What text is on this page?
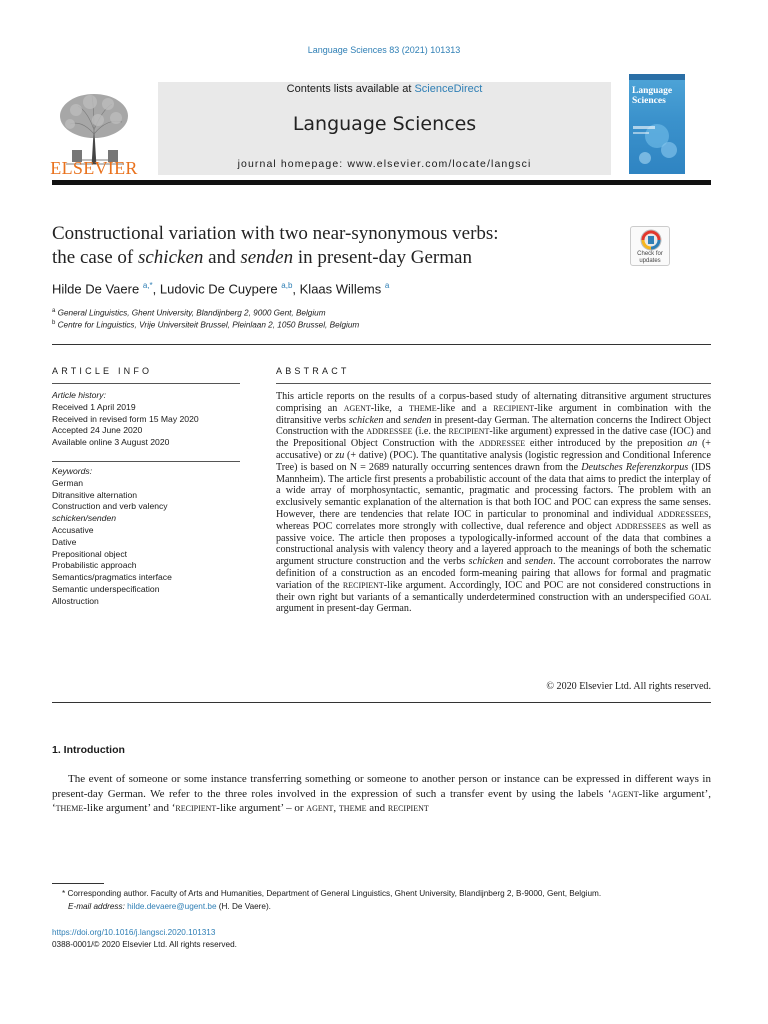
Language Sciences 83 (2021) 101313
Contents lists available at ScienceDirect
Language Sciences
journal homepage: www.elsevier.com/locate/langsci
ELSEVIER
Language
Sciences
Constructional variation with two near-synonymous verbs:
the case of schicken and senden in present-day German	Check for
updates
Hilde De Vaere $^{a,*}$, Ludovic De Cuypere $^{a,b}$, Klaas Willems $^a$
$^a$ General Linguistics, Ghent University, Blandijnberg 2, 9000 Gent, Belgium
$^b$ Centre for Linguistics, Vrije Universiteit Brussel, Pleinlaan 2, 1050 Brussel, Belgium
ARTICLE INFO
Article history:
Received 1 April 2019
Received in revised form 15 May 2020
Accepted 24 June 2020
Available online 3 August 2020
Keywords:
German
Ditransitive alternation
Construction and verb valency
schicken/senden
Accusative
Dative
Prepositional object
Probabilistic approach
Semantics/pragmatics interface
Semantic underspecification
Allostruction
ABSTRACT
This article reports on the results of a corpus-based study of alternating ditransitive argument structures comprising an agent-like, a theme-like and a recipient-like argument in combination with the ditransitive verbs schicken and senden in present-day German. The alternation concerns the Indirect Object Construction with the addressee (i.e. the recipient-like argument) expressed in the dative case (IOC) and the Prepositional Object Construction with the addressee either introduced by the preposition an (+ accusative) or zu (+ dative) (POC). The quantitative analysis (logistic regression and Conditional Inference Tree) is based on N = 2689 naturally occurring sentences drawn from the Deutsches Referenzkorpus (IDS Mannheim). The article first presents a probabilistic account of the data that aims to predict the interplay of a wide array of morphosyntactic, semantic, pragmatic and processing factors. The problem with an exclusively semantic explanation of the alternation is that both IOC and POC can express the same senses. However, there are tendencies that relate IOC in particular to pronominal and individual addressees, whereas POC correlates more strongly with collective, dual reference and object addressees as well as passive voice. The article then proposes a typologically-informed account of the data that combines a constructional analysis with valency theory and a layered approach to the meanings of both the schematic argument structure construction and the verbs schicken and senden. The account corroborates the narrow definition of a construction as an encoded form-meaning pairing that allows for formal and pragmatic variation of the recipient-like argument. Accordingly, IOC and POC are not considered constructions in their own right but variants of a semantically underdetermined construction with an underspecified goal argument in present-day German.
© 2020 Elsevier Ltd. All rights reserved.
1. Introduction
The event of someone or some instance transferring something or someone to another person or instance can be expressed in different ways in present-day German. We refer to the three roles involved in the expression of such a transfer event by using the labels ‘agent-like argument’, ‘theme-like argument’ and ‘recipient-like argument’ – or agent, theme and recipient
* Corresponding author. Faculty of Arts and Humanities, Department of General Linguistics, Ghent University, Blandijnberg 2, B-9000, Gent, Belgium.
E-mail address: hilde.devaere@ugent.be (H. De Vaere).
https://doi.org/10.1016/j.langsci.2020.101313
0388-0001/© 2020 Elsevier Ltd. All rights reserved.
